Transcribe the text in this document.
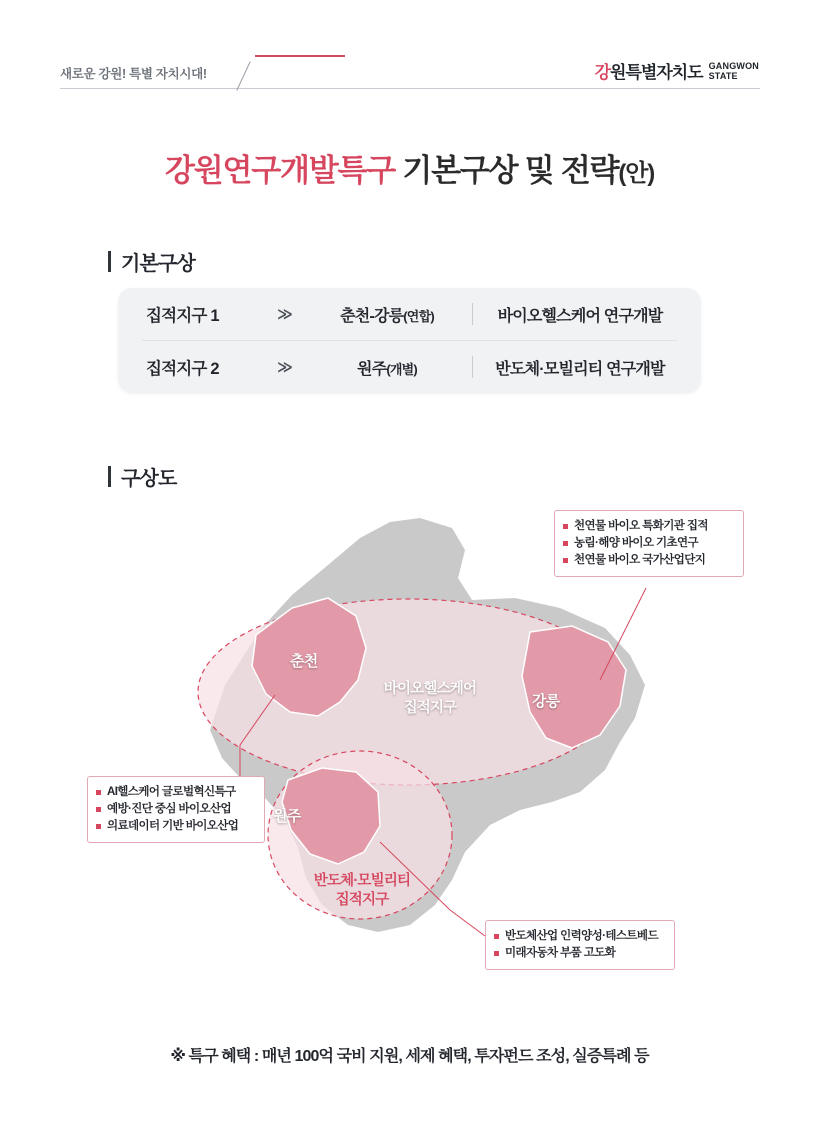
새로운 강원! 특별 자치시대!	강원특별자치도 GANGWON
STATE
강원연구개발특구 기본구상 및 전략(안)
기본구상
집적지구 1	≫	춘천-강릉(연합)	바이오헬스케어 연구개발
집적지구 2	≫	원주(개별)	반도체·모빌리티 연구개발
구상도
춘천
강릉
원주
바이오헬스케어
집적지구
반도체·모빌리티
집적지구
천연물 바이오 특화기관 집적
농림·해양 바이오 기초연구
천연물 바이오 국가산업단지
AI헬스케어 글로벌혁신특구
예방·진단 중심 바이오산업
의료데이터 기반 바이오산업
반도체산업 인력양성·테스트베드
미래자동차 부품 고도화
※ 특구 혜택 : 매년 100억 국비 지원, 세제 혜택, 투자펀드 조성, 실증특례 등
